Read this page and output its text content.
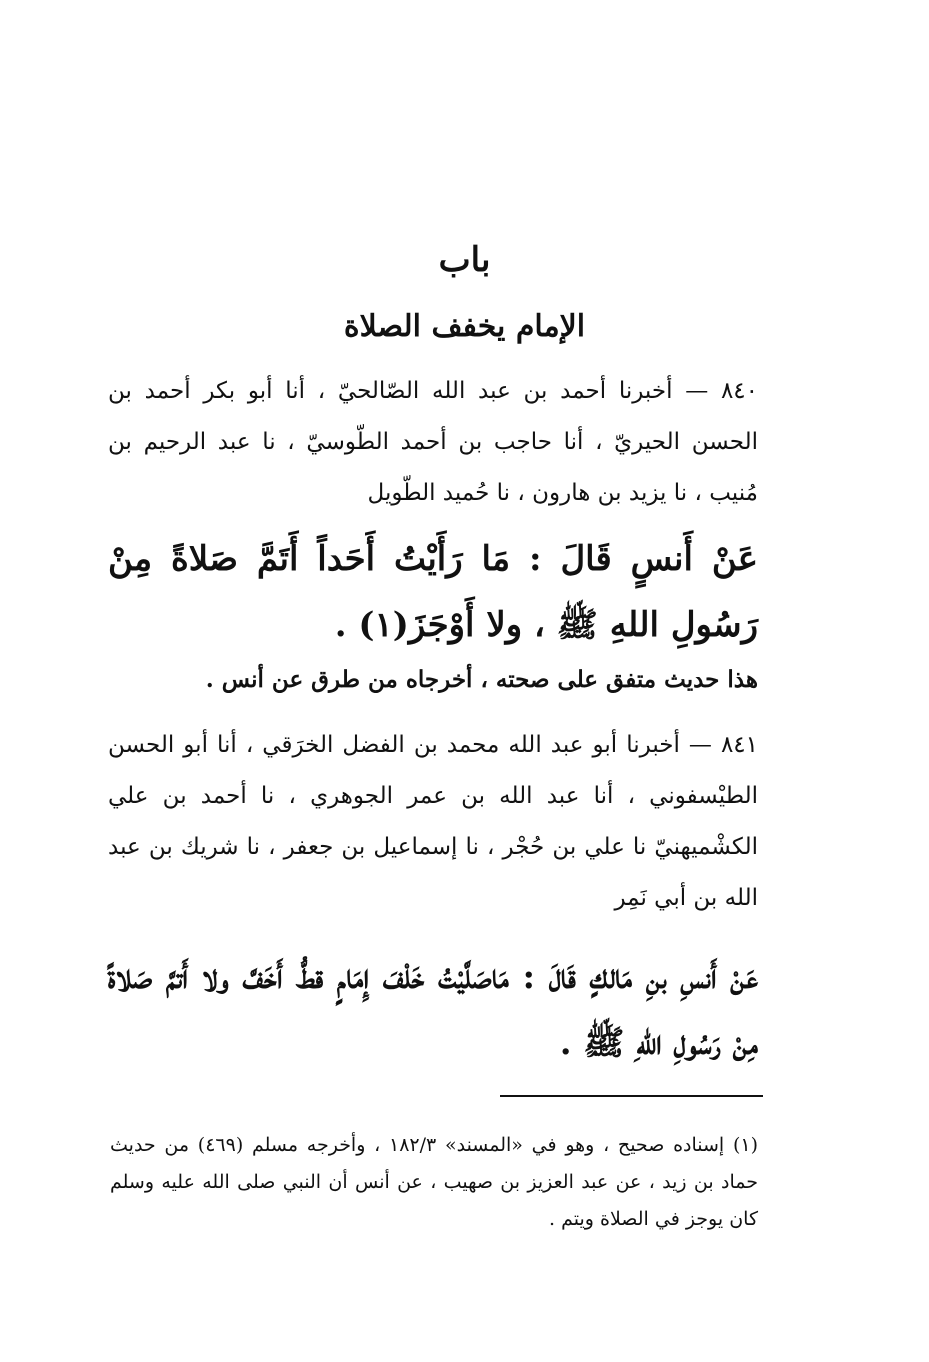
باب
الإمام يخفف الصلاة
٨٤٠ — أخبرنا أحمد بن عبد الله الصّالحيّ ، أنا أبو بكر أحمد بن الحسن الحيريّ ، أنا حاجب بن أحمد الطّوسيّ ، نا عبد الرحيم بن مُنيب ، نا يزيد بن هارون ، نا حُميد الطّويل
عَنْ أَنسٍ قَالَ : مَا رَأَيْتُ أَحَداً أَتَمَّ صَلاةً مِنْ رَسُولِ اللهِ ﷺ ، ولا أَوْجَزَ(١) .
هذا حديث متفق على صحته ، أخرجاه من طرق عن أنس .
٨٤١ — أخبرنا أبو عبد الله محمد بن الفضل الخرَقي ، أنا أبو الحسن الطيْسفوني ، أنا عبد الله بن عمر الجوهري ، نا أحمد بن علي الكشْميهنيّ نا علي بن حُجْر ، نا إسماعيل بن جعفر ، نا شريك بن عبد الله بن أبي نَمِر
عَنْ أَنسِ بنِ مَالكٍ قَالَ : مَاصَلَّيْتُ خَلْفَ إِمَامٍ قطُّ أَخَفَّ ولا أَتمَّ صَلاةً مِنْ رَسُولِ اللهِ ﷺ .
(١) إسناده صحيح ، وهو في «المسند» ١٨٢/٣ ، وأخرجه مسلم (٤٦٩) من حديث حماد بن زيد ، عن عبد العزيز بن صهيب ، عن أنس أن النبي صلى الله عليه وسلم كان يوجز في الصلاة ويتم .
